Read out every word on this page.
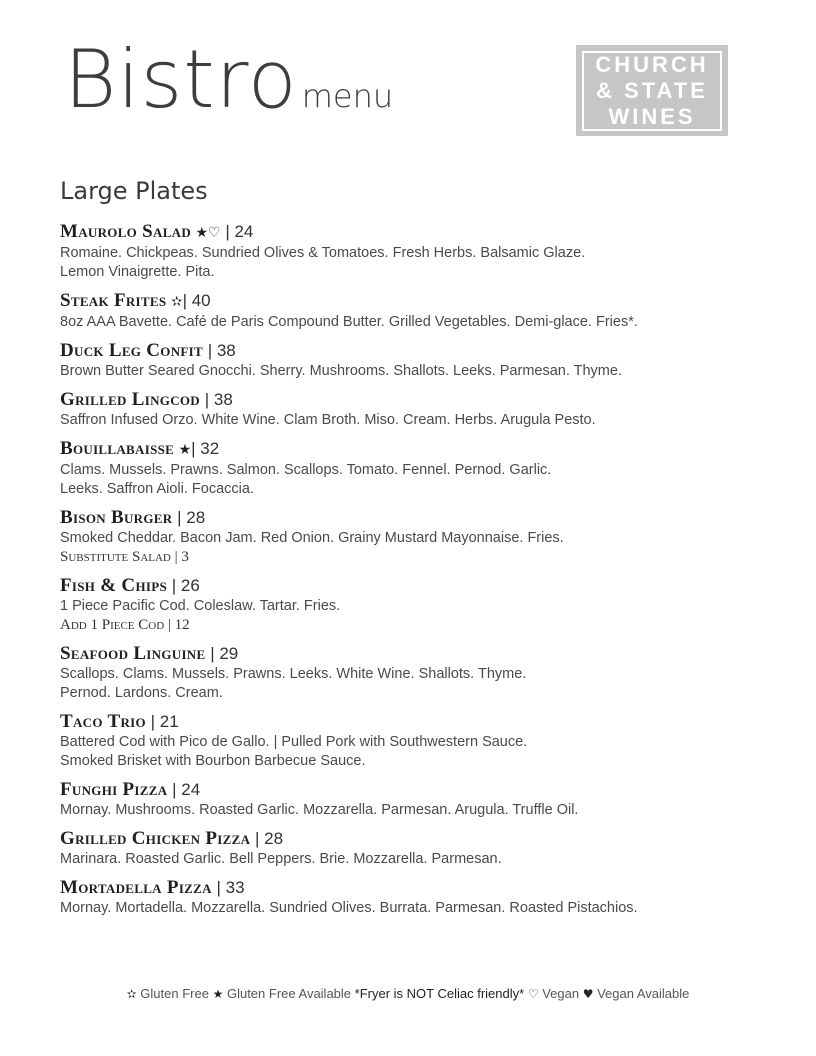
Bistro menu
CHURCH
& STATE
WINES
Large Plates
Maurolo Salad ★♡ | 24
Romaine. Chickpeas. Sundried Olives & Tomatoes. Fresh Herbs. Balsamic Glaze.
Lemon Vinaigrette. Pita.
Steak Frites ✫| 40
8oz AAA Bavette. Café de Paris Compound Butter. Grilled Vegetables. Demi-glace. Fries*.
Duck Leg Confit | 38
Brown Butter Seared Gnocchi. Sherry. Mushrooms. Shallots. Leeks. Parmesan. Thyme.
Grilled Lingcod | 38
Saffron Infused Orzo. White Wine. Clam Broth. Miso. Cream. Herbs. Arugula Pesto.
Bouillabaisse ★| 32
Clams. Mussels. Prawns. Salmon. Scallops. Tomato. Fennel. Pernod. Garlic.
Leeks. Saffron Aioli. Focaccia.
Bison Burger | 28
Smoked Cheddar. Bacon Jam. Red Onion. Grainy Mustard Mayonnaise. Fries.
Substitute Salad | 3
Fish & Chips | 26
1 Piece Pacific Cod. Coleslaw. Tartar. Fries.
Add 1 Piece Cod | 12
Seafood Linguine | 29
Scallops. Clams. Mussels. Prawns. Leeks. White Wine. Shallots. Thyme.
Pernod. Lardons. Cream.
Taco Trio | 21
Battered Cod with Pico de Gallo. | Pulled Pork with Southwestern Sauce.
Smoked Brisket with Bourbon Barbecue Sauce.
Funghi Pizza | 24
Mornay. Mushrooms. Roasted Garlic. Mozzarella. Parmesan. Arugula. Truffle Oil.
Grilled Chicken Pizza | 28
Marinara. Roasted Garlic. Bell Peppers. Brie. Mozzarella. Parmesan.
Mortadella Pizza | 33
Mornay. Mortadella. Mozzarella. Sundried Olives. Burrata. Parmesan. Roasted Pistachios.
✫ Gluten Free ★ Gluten Free Available *Fryer is NOT Celiac friendly* ♡ Vegan ♥ Vegan Available
